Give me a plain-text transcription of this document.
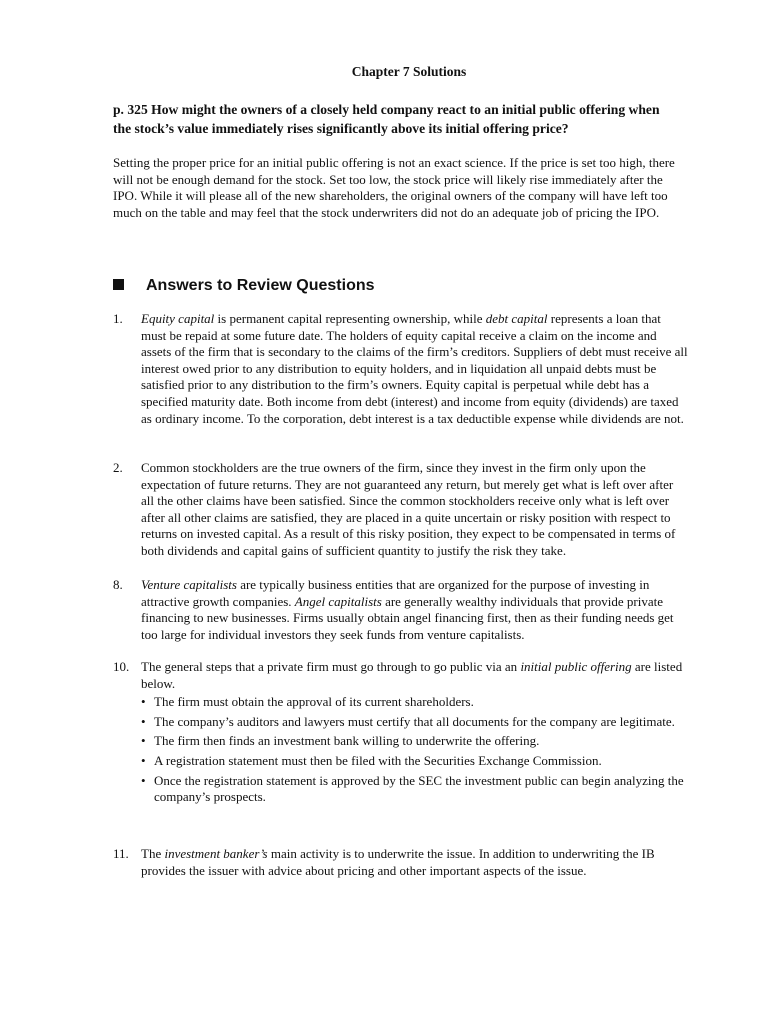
Chapter 7 Solutions
p. 325 How might the owners of a closely held company react to an initial public offering when the stock’s value immediately rises significantly above its initial offering price?
Setting the proper price for an initial public offering is not an exact science. If the price is set too high, there will not be enough demand for the stock. Set too low, the stock price will likely rise immediately after the IPO. While it will please all of the new shareholders, the original owners of the company will have left too much on the table and may feel that the stock underwriters did not do an adequate job of pricing the IPO.
Answers to Review Questions
1. Equity capital is permanent capital representing ownership, while debt capital represents a loan that must be repaid at some future date. The holders of equity capital receive a claim on the income and assets of the firm that is secondary to the claims of the firm’s creditors. Suppliers of debt must receive all interest owed prior to any distribution to equity holders, and in liquidation all unpaid debts must be satisfied prior to any distribution to the firm’s owners. Equity capital is perpetual while debt has a specified maturity date. Both income from debt (interest) and income from equity (dividends) are taxed as ordinary income. To the corporation, debt interest is a tax deductible expense while dividends are not.
2. Common stockholders are the true owners of the firm, since they invest in the firm only upon the expectation of future returns. They are not guaranteed any return, but merely get what is left over after all the other claims have been satisfied. Since the common stockholders receive only what is left over after all other claims are satisfied, they are placed in a quite uncertain or risky position with respect to returns on invested capital. As a result of this risky position, they expect to be compensated in terms of both dividends and capital gains of sufficient quantity to justify the risk they take.
8. Venture capitalists are typically business entities that are organized for the purpose of investing in attractive growth companies. Angel capitalists are generally wealthy individuals that provide private financing to new businesses. Firms usually obtain angel financing first, then as their funding needs get too large for individual investors they seek funds from venture capitalists.
10. The general steps that a private firm must go through to go public via an initial public offering are listed below.
• The firm must obtain the approval of its current shareholders.
• The company’s auditors and lawyers must certify that all documents for the company are legitimate.
• The firm then finds an investment bank willing to underwrite the offering.
• A registration statement must then be filed with the Securities Exchange Commission.
• Once the registration statement is approved by the SEC the investment public can begin analyzing the company’s prospects.
11. The investment banker’s main activity is to underwrite the issue. In addition to underwriting the IB provides the issuer with advice about pricing and other important aspects of the issue.
